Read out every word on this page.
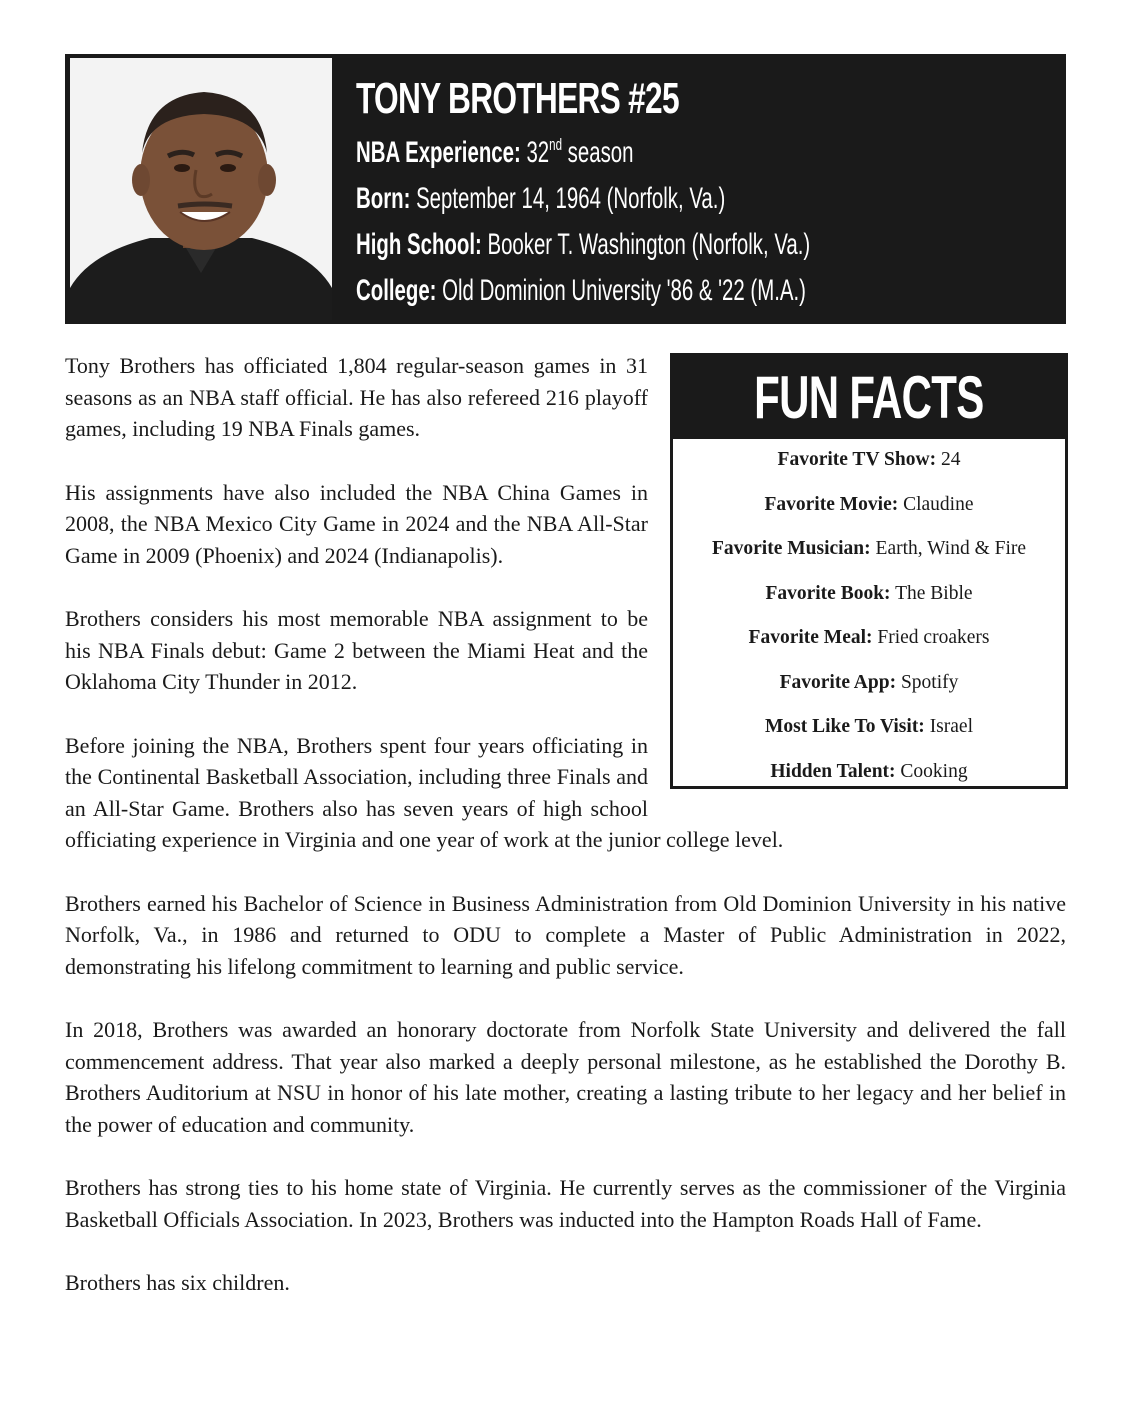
TONY BROTHERS #25
NBA Experience: 32nd season
Born: September 14, 1964 (Norfolk, Va.)
High School: Booker T. Washington (Norfolk, Va.)
College: Old Dominion University '86 & '22 (M.A.)

Tony Brothers has officiated 1,804 regular-season games in 31 seasons as an NBA staff official. He has also refereed 216 playoff games, including 19 NBA Finals games.

His assignments have also included the NBA China Games in 2008, the NBA Mexico City Game in 2024 and the NBA All-Star Game in 2009 (Phoenix) and 2024 (Indianapolis).

Brothers considers his most memorable NBA assignment to be his NBA Finals debut: Game 2 between the Miami Heat and the Oklahoma City Thunder in 2012.

Before joining the NBA, Brothers spent four years officiating in the Continental Basketball Association, including three Finals and an All-Star Game. Brothers also has seven years of high school officiating experience in Virginia and one year of work at the junior college level.

Brothers earned his Bachelor of Science in Business Administration from Old Dominion University in his native Norfolk, Va., in 1986 and returned to ODU to complete a Master of Public Administration in 2022, demonstrating his lifelong commitment to learning and public service.

In 2018, Brothers was awarded an honorary doctorate from Norfolk State University and delivered the fall commencement address. That year also marked a deeply personal milestone, as he established the Dorothy B. Brothers Auditorium at NSU in honor of his late mother, creating a lasting tribute to her legacy and her belief in the power of education and community.

Brothers has strong ties to his home state of Virginia. He currently serves as the commissioner of the Virginia Basketball Officials Association. In 2023, Brothers was inducted into the Hampton Roads Hall of Fame.

Brothers has six children.

FUN FACTS
Favorite TV Show: 24
Favorite Movie: Claudine
Favorite Musician: Earth, Wind & Fire
Favorite Book: The Bible
Favorite Meal: Fried croakers
Favorite App: Spotify
Most Like To Visit: Israel
Hidden Talent: Cooking
